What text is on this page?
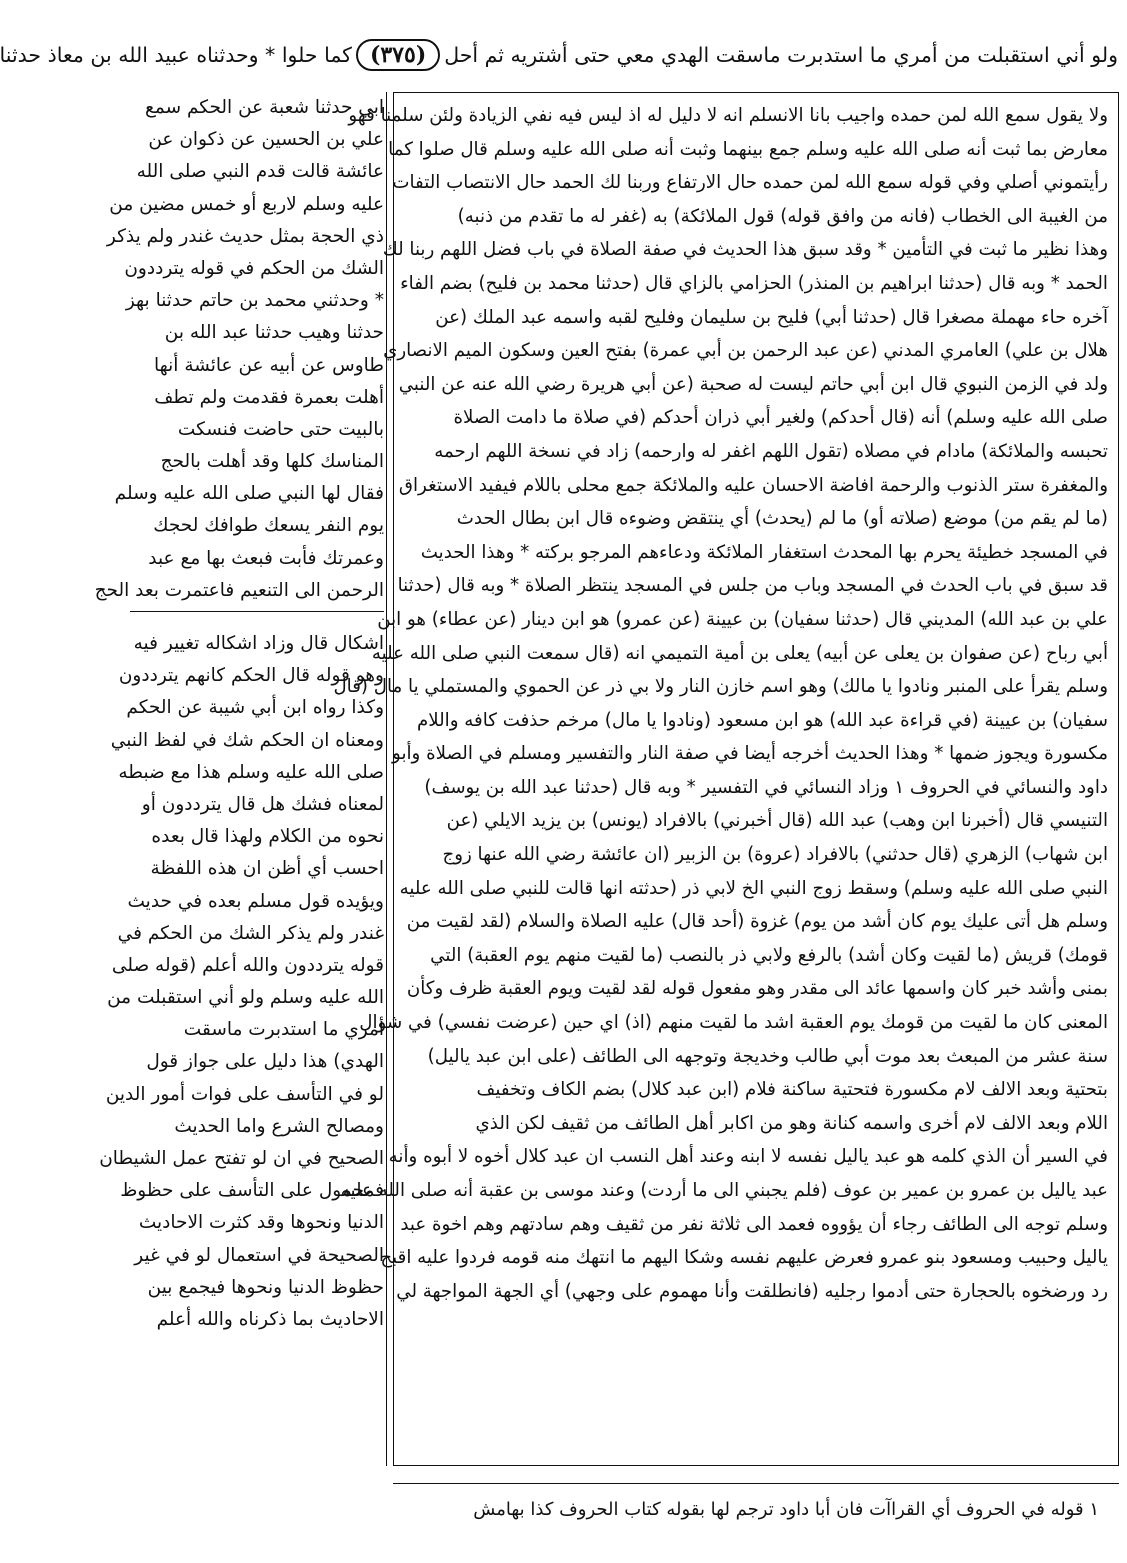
ولو أني استقبلت من أمري ما استدبرت ماسقت الهدي معي حتى أشتريه ثم أحل
(٣٧٥)
كما حلوا * وحدثناه عبيد الله بن معاذ حدثنا
ولا يقول سمع الله لمن حمده واجيب بانا الانسلم انه لا دليل له اذ ليس فيه نفي الزيادة ولئن سلمنا فهو
معارض بما ثبت أنه صلى الله عليه وسلم جمع بينهما وثبت أنه صلى الله عليه وسلم قال صلوا كما
رأيتموني أصلي وفي قوله سمع الله لمن حمده حال الارتفاع وربنا لك الحمد حال الانتصاب التفات
من الغيبة الى الخطاب (فانه من وافق قوله) قول الملائكة) به (غفر له ما تقدم من ذنبه)
وهذا نظير ما ثبت في التأمين * وقد سبق هذا الحديث في صفة الصلاة في باب فضل اللهم ربنا لك
الحمد * وبه قال (حدثنا ابراهيم بن المنذر) الحزامي بالزاي قال (حدثنا محمد بن فليح) بضم الفاء
آخره حاء مهملة مصغرا قال (حدثنا أبي) فليح بن سليمان وفليح لقبه واسمه عبد الملك (عن
هلال بن علي) العامري المدني (عن عبد الرحمن بن أبي عمرة) بفتح العين وسكون الميم الانصاري
ولد في الزمن النبوي قال ابن أبي حاتم ليست له صحبة (عن أبي هريرة رضي الله عنه عن النبي
صلى الله عليه وسلم) أنه (قال أحدكم) ولغير أبي ذران أحدكم (في صلاة ما دامت الصلاة
تحبسه والملائكة) مادام في مصلاه (تقول اللهم اغفر له وارحمه) زاد في نسخة اللهم ارحمه
والمغفرة ستر الذنوب والرحمة افاضة الاحسان عليه والملائكة جمع محلى باللام فيفيد الاستغراق
(ما لم يقم من) موضع (صلاته أو) ما لم (يحدث) أي ينتقض وضوءه قال ابن بطال الحدث
في المسجد خطيئة يحرم بها المحدث استغفار الملائكة ودعاءهم المرجو بركته * وهذا الحديث
قد سبق في باب الحدث في المسجد وباب من جلس في المسجد ينتظر الصلاة * وبه قال (حدثنا
علي بن عبد الله) المديني قال (حدثنا سفيان) بن عيينة (عن عمرو) هو ابن دينار (عن عطاء) هو ابن
أبي رباح (عن صفوان بن يعلى عن أبيه) يعلى بن أمية التميمي انه (قال سمعت النبي صلى الله عليه
وسلم يقرأ على المنبر ونادوا يا مالك) وهو اسم خازن النار ولا بي ذر عن الحموي والمستملي يا مال (قال
سفيان) بن عيينة (في قراءة عبد الله) هو ابن مسعود (ونادوا يا مال) مرخم حذفت كافه واللام
مكسورة ويجوز ضمها * وهذا الحديث أخرجه أيضا في صفة النار والتفسير ومسلم في الصلاة وأبو
داود والنسائي في الحروف ١ وزاد النسائي في التفسير * وبه قال (حدثنا عبد الله بن يوسف)
التنيسي قال (أخبرنا ابن وهب) عبد الله (قال أخبرني) بالافراد (يونس) بن يزيد الايلي (عن
ابن شهاب) الزهري (قال حدثني) بالافراد (عروة) بن الزبير (ان عائشة رضي الله عنها زوج
النبي صلى الله عليه وسلم) وسقط زوج النبي الخ لابي ذر (حدثته انها قالت للنبي صلى الله عليه
وسلم هل أتى عليك يوم كان أشد من يوم) غزوة (أحد قال) عليه الصلاة والسلام (لقد لقيت من
قومك) قريش (ما لقيت وكان أشد) بالرفع ولابي ذر بالنصب (ما لقيت منهم يوم العقبة) التي
بمنى وأشد خبر كان واسمها عائد الى مقدر وهو مفعول قوله لقد لقيت ويوم العقبة ظرف وكأن
المعنى كان ما لقيت من قومك يوم العقبة اشد ما لقيت منهم (اذ) اي حين (عرضت نفسي) في شوال
سنة عشر من المبعث بعد موت أبي طالب وخديجة وتوجهه الى الطائف (على ابن عبد ياليل)
بتحتية وبعد الالف لام مكسورة فتحتية ساكنة فلام (ابن عبد كلال) بضم الكاف وتخفيف
اللام وبعد الالف لام أخرى واسمه كنانة وهو من اكابر أهل الطائف من ثقيف لكن الذي
في السير أن الذي كلمه هو عبد ياليل نفسه لا ابنه وعند أهل النسب ان عبد كلال أخوه لا أبوه وأنه
عبد ياليل بن عمرو بن عمير بن عوف (فلم يجبني الى ما أردت) وعند موسى بن عقبة أنه صلى الله عليه
وسلم توجه الى الطائف رجاء أن يؤووه فعمد الى ثلاثة نفر من ثقيف وهم سادتهم وهم اخوة عبد
ياليل وحبيب ومسعود بنو عمرو فعرض عليهم نفسه وشكا اليهم ما انتهك منه قومه فردوا عليه اقبح
رد ورضخوه بالحجارة حتى أدموا رجليه (فانطلقت وأنا مهموم على وجهي) أي الجهة المواجهة لي
ابي حدثنا شعبة عن الحكم سمع
علي بن الحسين عن ذكوان عن
عائشة قالت قدم النبي صلى الله
عليه وسلم لاربع أو خمس مضين من
ذي الحجة بمثل حديث غندر ولم يذكر
الشك من الحكم في قوله يترددون
* وحدثني محمد بن حاتم حدثنا بهز
حدثنا وهيب حدثنا عبد الله بن
طاوس عن أبيه عن عائشة أنها
أهلت بعمرة فقدمت ولم تطف
بالبيت حتى حاضت فنسكت
المناسك كلها وقد أهلت بالحج
فقال لها النبي صلى الله عليه وسلم
يوم النفر يسعك طوافك لحجك
وعمرتك فأبت فبعث بها مع عبد
الرحمن الى التنعيم فاعتمرت بعد الحج
اشكال قال وزاد اشكاله تغيير فيه
وهو قوله قال الحكم كانهم يترددون
وكذا رواه ابن أبي شيبة عن الحكم
ومعناه ان الحكم شك في لفظ النبي
صلى الله عليه وسلم هذا مع ضبطه
لمعناه فشك هل قال يترددون أو
نحوه من الكلام ولهذا قال بعده
احسب أي أظن ان هذه اللفظة
ويؤيده قول مسلم بعده في حديث
غندر ولم يذكر الشك من الحكم في
قوله يترددون والله أعلم (قوله صلى
الله عليه وسلم ولو أني استقبلت من
أمري ما استدبرت ماسقت
الهدي) هذا دليل على جواز قول
لو في التأسف على فوات أمور الدين
ومصالح الشرع واما الحديث
الصحيح في ان لو تفتح عمل الشيطان
فمحمول على التأسف على حظوظ
الدنيا ونحوها وقد كثرت الاحاديث
الصحيحة في استعمال لو في غير
حظوظ الدنيا ونحوها فيجمع بين
الاحاديث بما ذكرناه والله أعلم
١ قوله في الحروف أي القراآت فان أبا داود ترجم لها بقوله كتاب الحروف كذا بهامش
